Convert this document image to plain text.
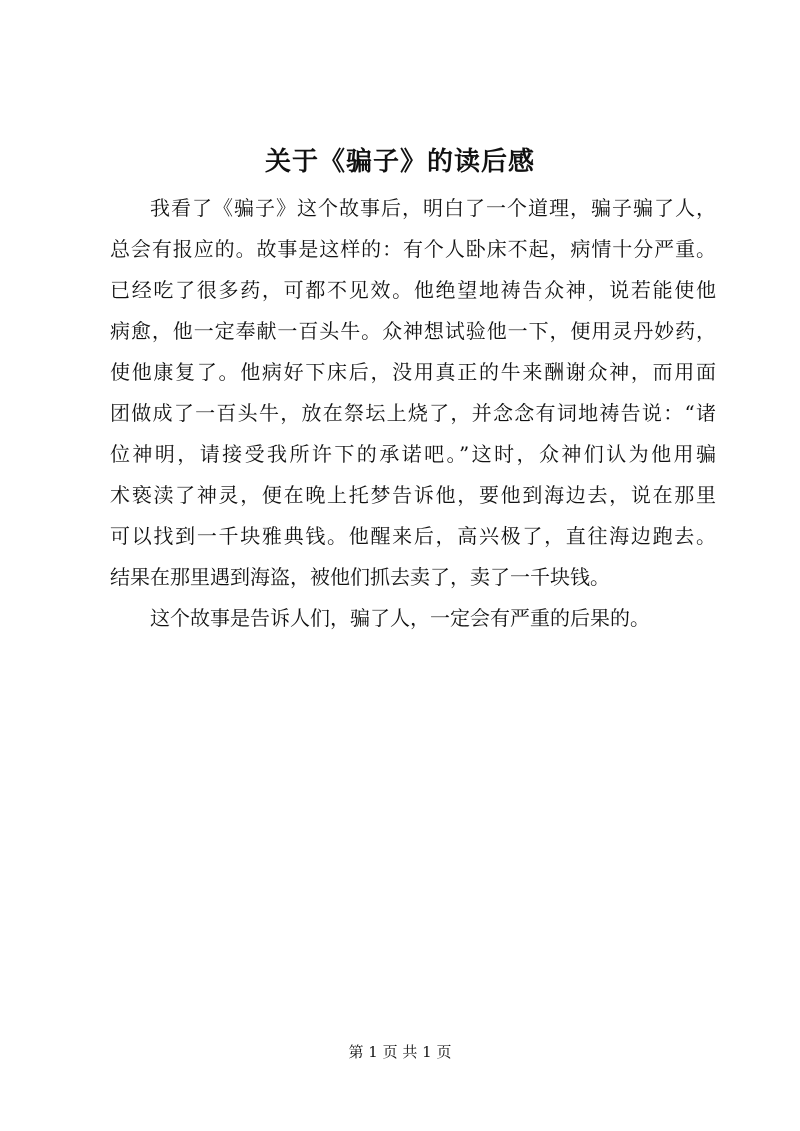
关于《骗子》的读后感
我看了《骗子》这个故事后，明白了一个道理，骗子骗了人，
总会有报应的。故事是这样的：有个人卧床不起，病情十分严重。
已经吃了很多药，可都不见效。他绝望地祷告众神，说若能使他
病愈，他一定奉献一百头牛。众神想试验他一下，便用灵丹妙药，
使他康复了。他病好下床后，没用真正的牛来酬谢众神，而用面
团做成了一百头牛，放在祭坛上烧了，并念念有词地祷告说：“诸
位神明，请接受我所许下的承诺吧。”这时，众神们认为他用骗
术亵渎了神灵，便在晚上托梦告诉他，要他到海边去，说在那里
可以找到一千块雅典钱。他醒来后，高兴极了，直往海边跑去。
结果在那里遇到海盗，被他们抓去卖了，卖了一千块钱。
这个故事是告诉人们，骗了人，一定会有严重的后果的。
第 1 页 共 1 页
